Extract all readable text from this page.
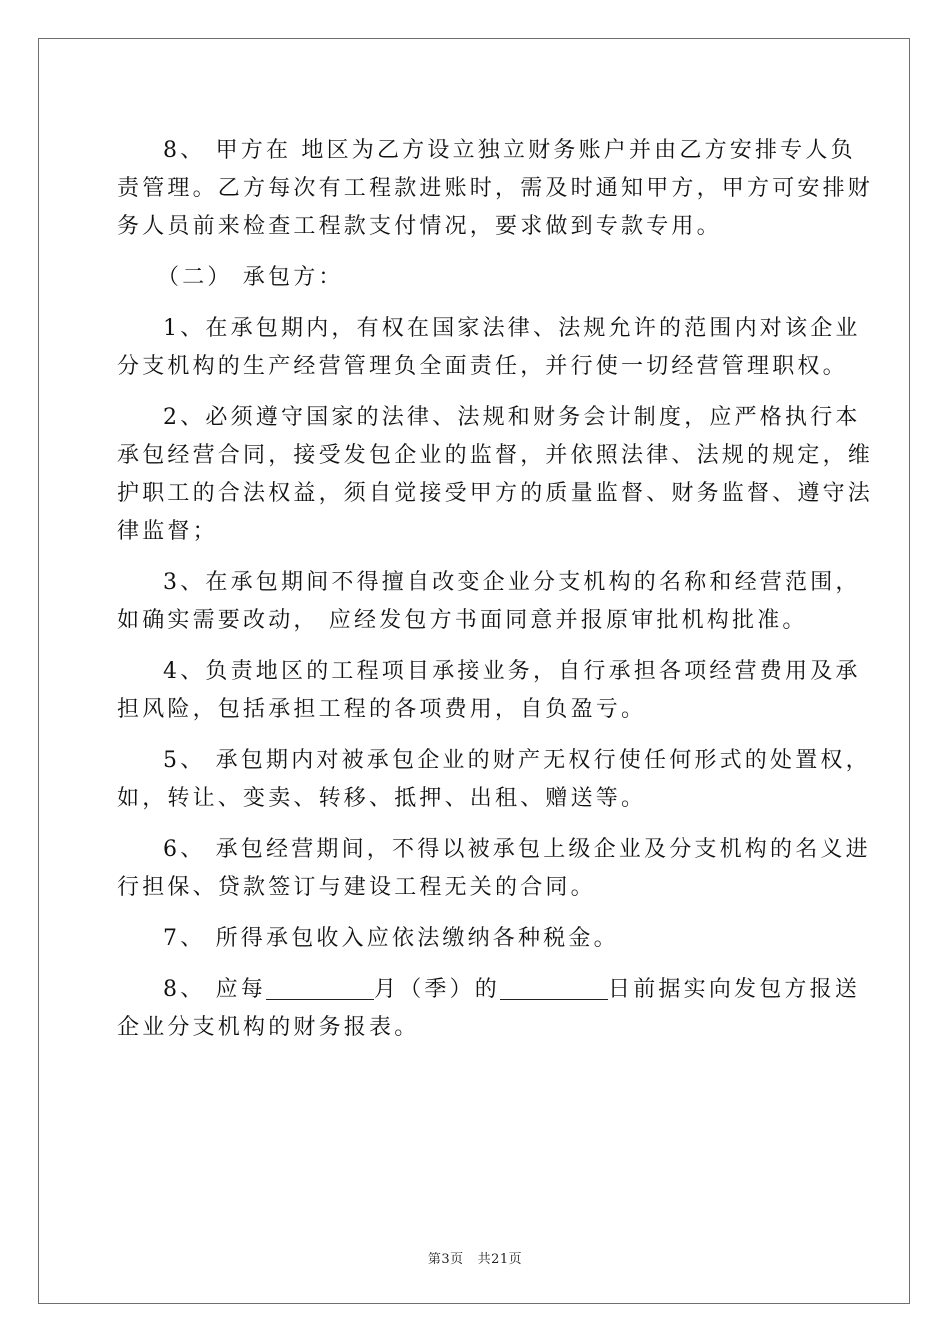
8、 甲方在 地区为乙方设立独立财务账户并由乙方安排专人负
责管理。乙方每次有工程款进账时，需及时通知甲方，甲方可安排财
务人员前来检查工程款支付情况，要求做到专款专用。

（二） 承包方：

1、在承包期内，有权在国家法律、法规允许的范围内对该企业
分支机构的生产经营管理负全面责任，并行使一切经营管理职权。

2、必须遵守国家的法律、法规和财务会计制度，应严格执行本
承包经营合同，接受发包企业的监督，并依照法律、法规的规定，维
护职工的合法权益，须自觉接受甲方的质量监督、财务监督、遵守法
律监督；

3、在承包期间不得擅自改变企业分支机构的名称和经营范围，
如确实需要改动， 应经发包方书面同意并报原审批机构批准。

4、负责地区的工程项目承接业务，自行承担各项经营费用及承
担风险，包括承担工程的各项费用，自负盈亏。

5、 承包期内对被承包企业的财产无权行使任何形式的处置权，
如，转让、变卖、转移、抵押、出租、赠送等。

6、 承包经营期间，不得以被承包上级企业及分支机构的名义进
行担保、贷款签订与建设工程无关的合同。

7、 所得承包收入应依法缴纳各种税金。

8、 应每	月（季）的	日前据实向发包方报送
企业分支机构的财务报表。

第3页 共21页
